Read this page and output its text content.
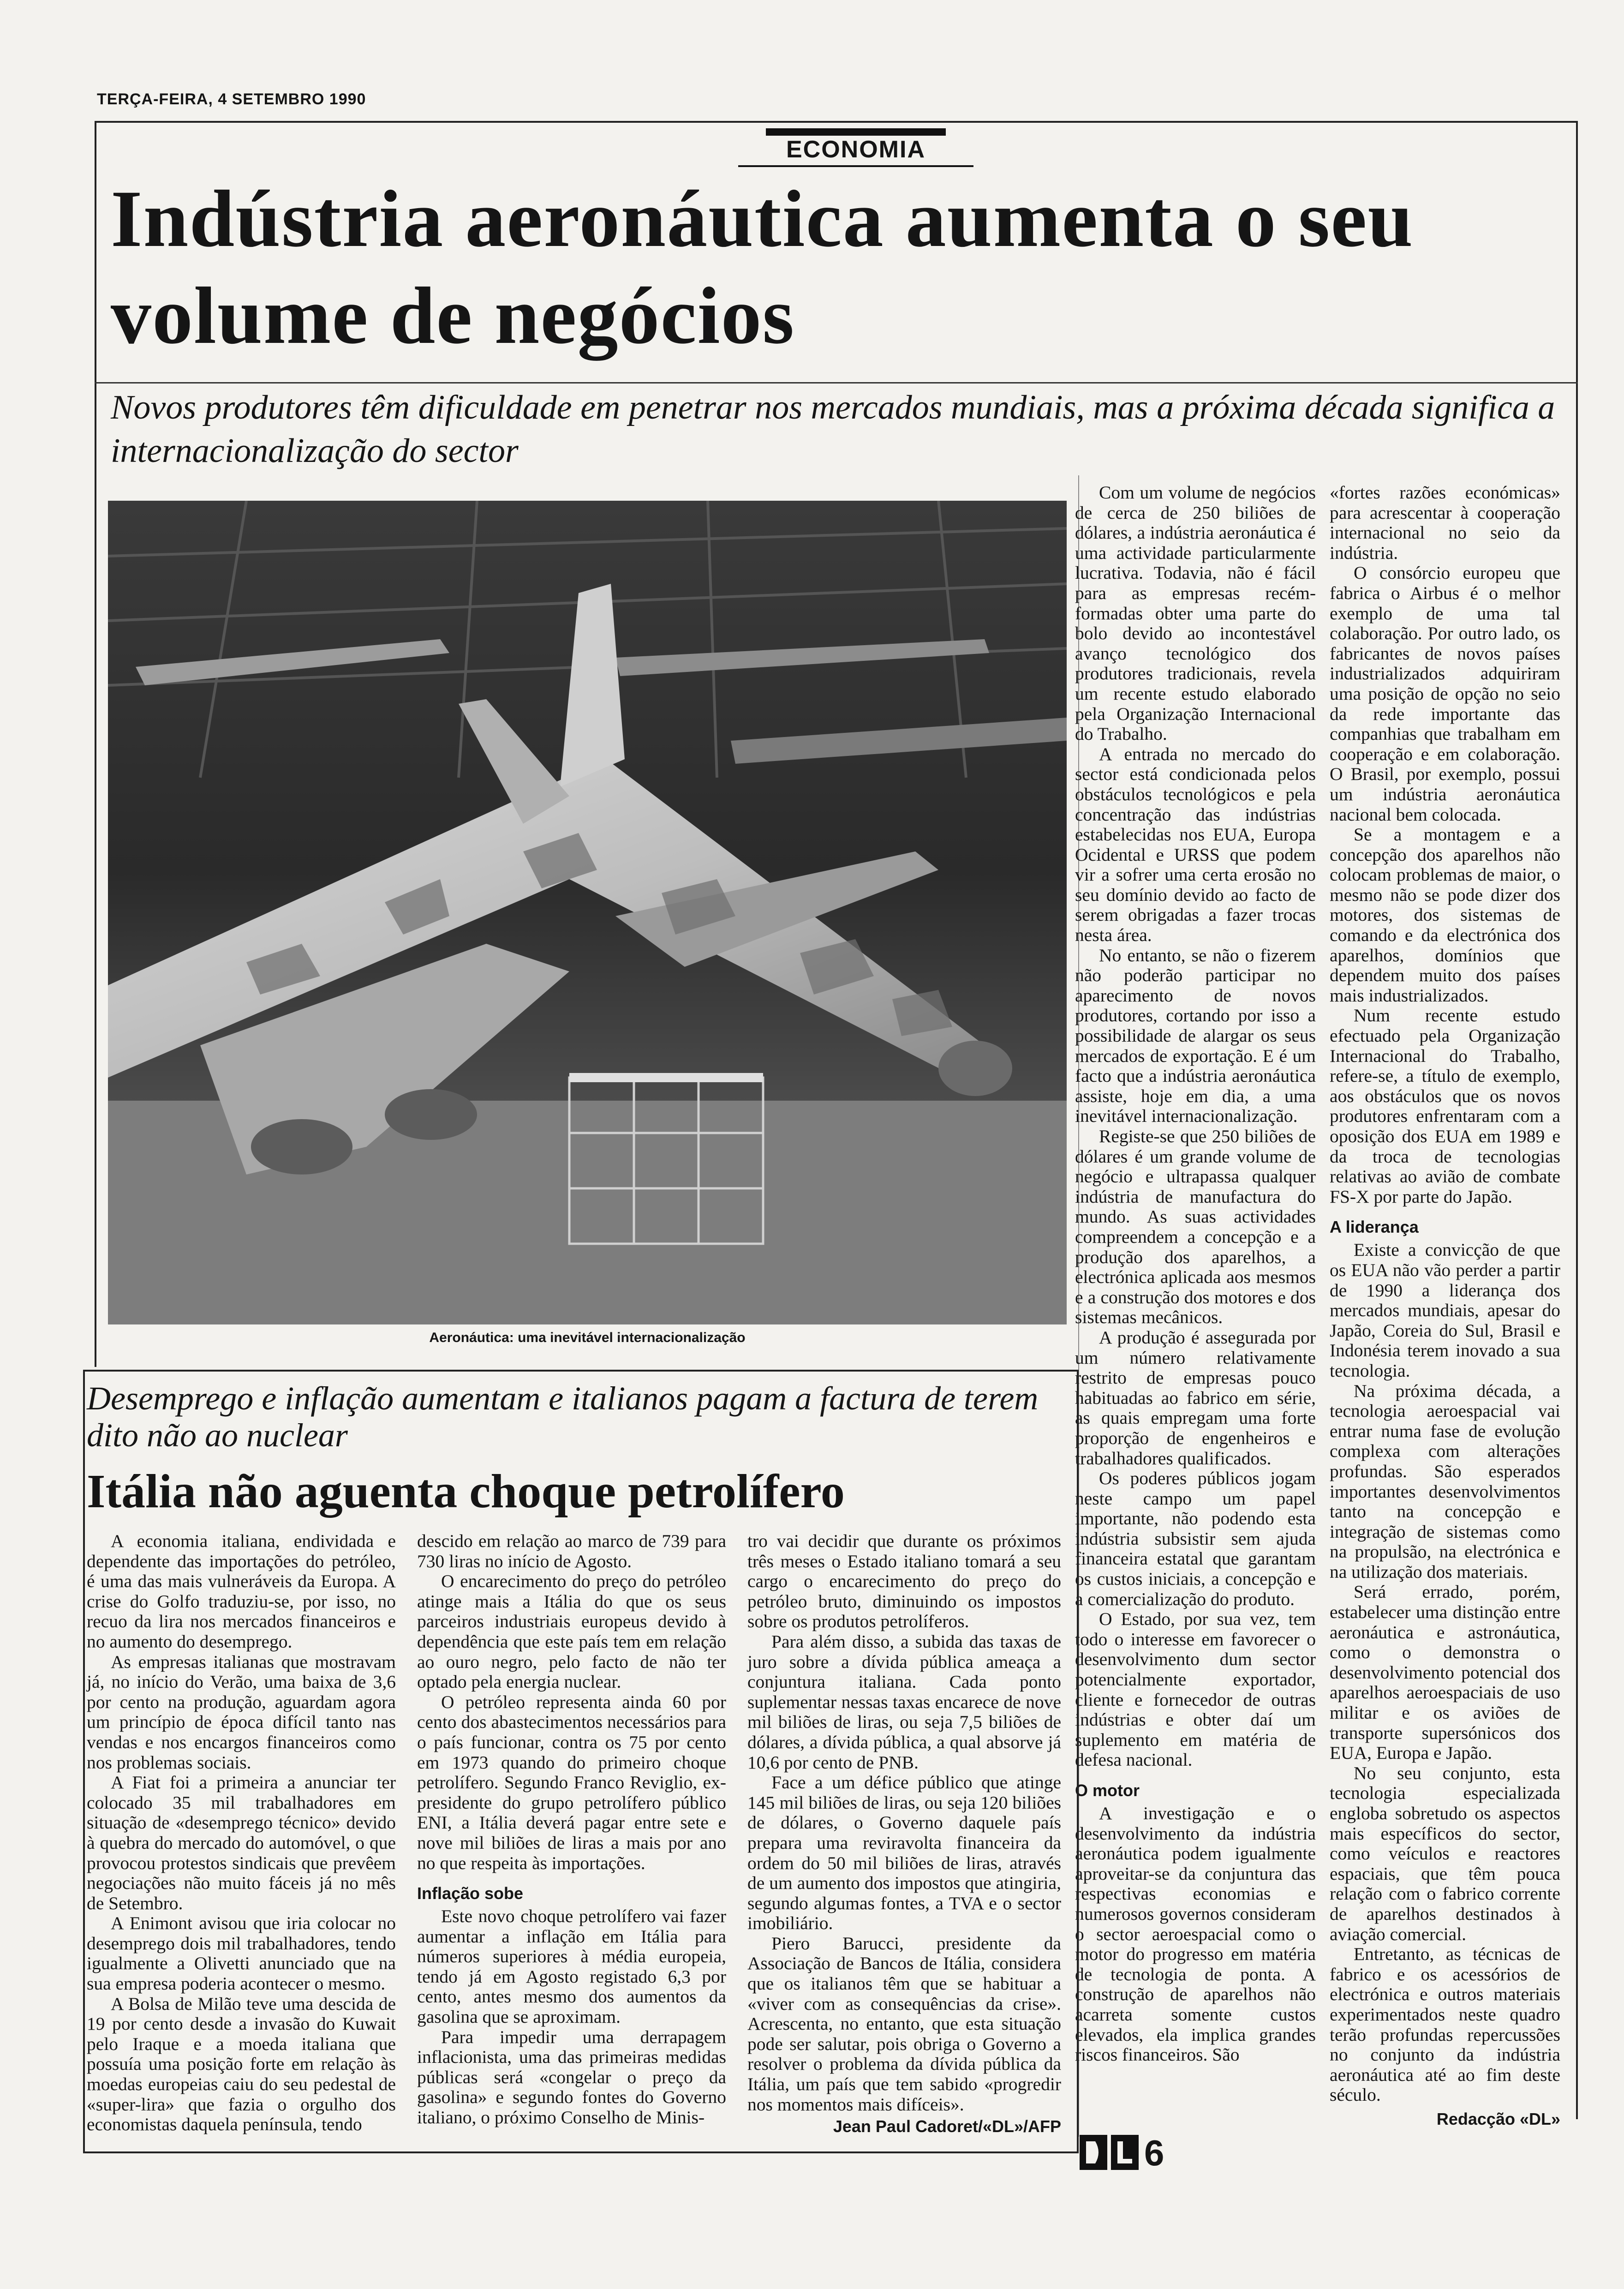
TERÇA-FEIRA, 4 SETEMBRO 1990
ECONOMIA
Indústria aeronáutica aumenta o seu volume de negócios
Novos produtores têm dificuldade em penetrar nos mercados mundiais, mas a próxima década significa a internacionalização do sector
Aeronáutica: uma inevitável internacionalização

Com um volume de negócios de cerca de 250 biliões de dólares, a indústria aeronáutica é uma actividade particularmente lucrativa. Todavia, não é fácil para as empresas recém-formadas obter uma parte do bolo devido ao incontestável avanço tecnológico dos produtores tradicionais, revela um recente estudo elaborado pela Organização Internacional do Trabalho.

A entrada no mercado do sector está condicionada pelos obstáculos tecnológicos e pela concentração das indústrias estabelecidas nos EUA, Europa Ocidental e URSS que podem vir a sofrer uma certa erosão no seu domínio devido ao facto de serem obrigadas a fazer trocas nesta área.

No entanto, se não o fizerem não poderão participar no aparecimento de novos produtores, cortando por isso a possibilidade de alargar os seus mercados de exportação. E é um facto que a indústria aeronáutica assiste, hoje em dia, a uma inevitável internacionalização.

Registe-se que 250 biliões de dólares é um grande volume de negócio e ultrapassa qualquer indústria de manufactura do mundo. As suas actividades compreendem a concepção e a produção dos aparelhos, a electrónica aplicada aos mesmos e a construção dos motores e dos sistemas mecânicos.

A produção é assegurada por um número relativamente restrito de empresas pouco habituadas ao fabrico em série, as quais empregam uma forte proporção de engenheiros e trabalhadores qualificados.

Os poderes públicos jogam neste campo um papel importante, não podendo esta indústria subsistir sem ajuda financeira estatal que garantam os custos iniciais, a concepção e a comercialização do produto.

O Estado, por sua vez, tem todo o interesse em favorecer o desenvolvimento dum sector potencialmente exportador, cliente e fornecedor de outras indústrias e obter daí um suplemento em matéria de defesa nacional.

O motor

A investigação e o desenvolvimento da indústria aeronáutica podem igualmente aproveitar-se da conjuntura das respectivas economias e numerosos governos consideram o sector aeroespacial como o motor do progresso em matéria de tecnologia de ponta. A construção de aparelhos não acarreta somente custos elevados, ela implica grandes riscos financeiros. São

«fortes razões económicas» para acrescentar à cooperação internacional no seio da indústria.

O consórcio europeu que fabrica o Airbus é o melhor exemplo de uma tal colaboração. Por outro lado, os fabricantes de novos países industrializados adquiriram uma posição de opção no seio da rede importante das companhias que trabalham em cooperação e em colaboração. O Brasil, por exemplo, possui um indústria aeronáutica nacional bem colocada.

Se a montagem e a concepção dos aparelhos não colocam problemas de maior, o mesmo não se pode dizer dos motores, dos sistemas de comando e da electrónica dos aparelhos, domínios que dependem muito dos países mais industrializados.

Num recente estudo efectuado pela Organização Internacional do Trabalho, refere-se, a título de exemplo, aos obstáculos que os novos produtores enfrentaram com a oposição dos EUA em 1989 e da troca de tecnologias relativas ao avião de combate FS-X por parte do Japão.

A liderança

Existe a convicção de que os EUA não vão perder a partir de 1990 a liderança dos mercados mundiais, apesar do Japão, Coreia do Sul, Brasil e Indonésia terem inovado a sua tecnologia.

Na próxima década, a tecnologia aeroespacial vai entrar numa fase de evolução complexa com alterações profundas. São esperados importantes desenvolvimentos tanto na concepção e integração de sistemas como na propulsão, na electrónica e na utilização dos materiais.

Será errado, porém, estabelecer uma distinção entre aeronáutica e astronáutica, como o demonstra o desenvolvimento potencial dos aparelhos aeroespaciais de uso militar e os aviões de transporte supersónicos dos EUA, Europa e Japão.

No seu conjunto, esta tecnologia especializada engloba sobretudo os aspectos mais específicos do sector, como veículos e reactores espaciais, que têm pouca relação com o fabrico corrente de aparelhos destinados à aviação comercial.

Entretanto, as técnicas de fabrico e os acessórios de electrónica e outros materiais experimentados neste quadro terão profundas repercussões no conjunto da indústria aeronáutica até ao fim deste século.

Redacção «DL»
Desemprego e inflação aumentam e italianos pagam a factura de terem dito não ao nuclear
Itália não aguenta choque petrolífero

A economia italiana, endividada e dependente das importações do petróleo, é uma das mais vulneráveis da Europa. A crise do Golfo traduziu-se, por isso, no recuo da lira nos mercados financeiros e no aumento do desemprego.

As empresas italianas que mostravam já, no início do Verão, uma baixa de 3,6 por cento na produção, aguardam agora um princípio de época difícil tanto nas vendas e nos encargos financeiros como nos problemas sociais.

A Fiat foi a primeira a anunciar ter colocado 35 mil trabalhadores em situação de «desemprego técnico» devido à quebra do mercado do automóvel, o que provocou protestos sindicais que prevêem negociações não muito fáceis já no mês de Setembro.

A Enimont avisou que iria colocar no desemprego dois mil trabalhadores, tendo igualmente a Olivetti anunciado que na sua empresa poderia acontecer o mesmo.

A Bolsa de Milão teve uma descida de 19 por cento desde a invasão do Kuwait pelo Iraque e a moeda italiana que possuía uma posição forte em relação às moedas europeias caiu do seu pedestal de «super-lira» que fazia o orgulho dos economistas daquela península, tendo

descido em relação ao marco de 739 para 730 liras no início de Agosto.

O encarecimento do preço do petróleo atinge mais a Itália do que os seus parceiros industriais europeus devido à dependência que este país tem em relação ao ouro negro, pelo facto de não ter optado pela energia nuclear.

O petróleo representa ainda 60 por cento dos abastecimentos necessários para o país funcionar, contra os 75 por cento em 1973 quando do primeiro choque petrolífero. Segundo Franco Reviglio, ex-presidente do grupo petrolífero público ENI, a Itália deverá pagar entre sete e nove mil biliões de liras a mais por ano no que respeita às importações.

Inflação sobe

Este novo choque petrolífero vai fazer aumentar a inflação em Itália para números superiores à média europeia, tendo já em Agosto registado 6,3 por cento, antes mesmo dos aumentos da gasolina que se aproximam.

Para impedir uma derrapagem inflacionista, uma das primeiras medidas públicas será «congelar o preço da gasolina» e segundo fontes do Governo italiano, o próximo Conselho de Minis-

tro vai decidir que durante os próximos três meses o Estado italiano tomará a seu cargo o encarecimento do preço do petróleo bruto, diminuindo os impostos sobre os produtos petrolíferos.

Para além disso, a subida das taxas de juro sobre a dívida pública ameaça a conjuntura italiana. Cada ponto suplementar nessas taxas encarece de nove mil biliões de liras, ou seja 7,5 biliões de dólares, a dívida pública, a qual absorve já 10,6 por cento de PNB.

Face a um défice público que atinge 145 mil biliões de liras, ou seja 120 biliões de dólares, o Governo daquele país prepara uma reviravolta financeira da ordem do 50 mil biliões de liras, através de um aumento dos impostos que atingiria, segundo algumas fontes, a TVA e o sector imobiliário.

Piero Barucci, presidente da Associação de Bancos de Itália, considera que os italianos têm que se habituar a «viver com as consequências da crise». Acrescenta, no entanto, que esta situação pode ser salutar, pois obriga o Governo a resolver o problema da dívida pública da Itália, um país que tem sabido «progredir nos momentos mais difíceis».

Jean Paul Cadoret/«DL»/AFP
6
